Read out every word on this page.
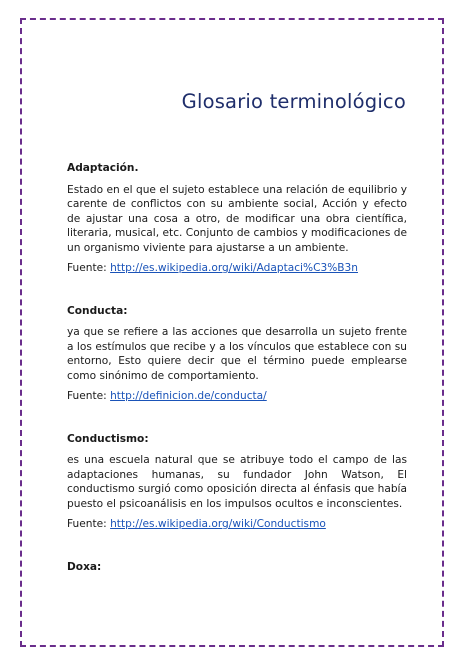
Glosario terminológico

Adaptación.

Estado en el que el sujeto establece una relación de equilibrio y carente de conflictos con su ambiente social, Acción y efecto de ajustar una cosa a otro, de modificar una obra científica, literaria, musical, etc. Conjunto de cambios y modificaciones de un organismo viviente para ajustarse a un ambiente.

Fuente: http://es.wikipedia.org/wiki/Adaptaci%C3%B3n

Conducta:

ya que se refiere a las acciones que desarrolla un sujeto frente a los estímulos que recibe y a los vínculos que establece con su entorno, Esto quiere decir que el término puede emplearse como sinónimo de comportamiento.

Fuente: http://definicion.de/conducta/

Conductismo:

es una escuela natural que se atribuye todo el campo de las adaptaciones humanas, su fundador John Watson, El conductismo surgió como oposición directa al énfasis que había puesto el psicoanálisis en los impulsos ocultos e inconscientes.

Fuente: http://es.wikipedia.org/wiki/Conductismo

Doxa:
